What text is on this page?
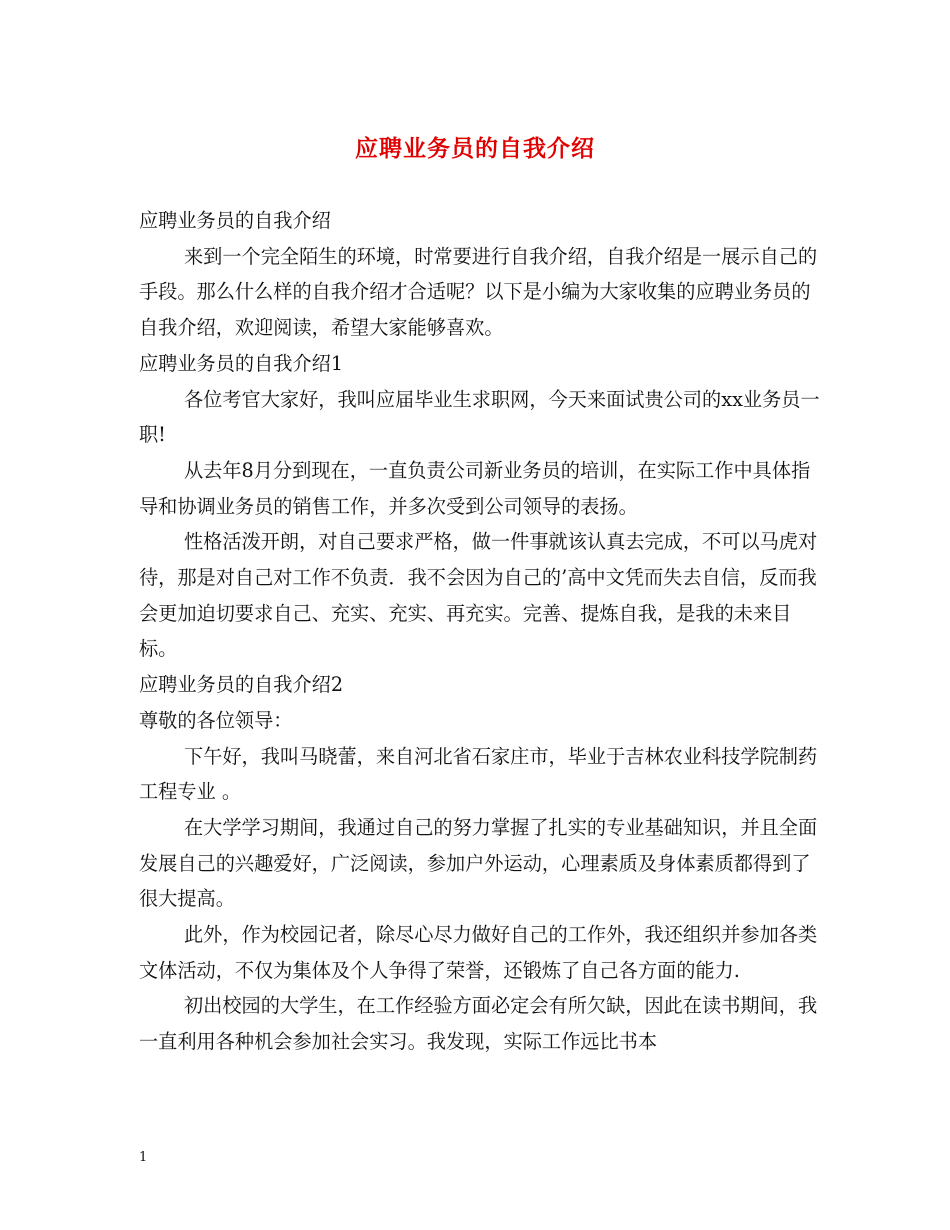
应聘业务员的自我介绍

应聘业务员的自我介绍

来到一个完全陌生的环境，时常要进行自我介绍，自我介绍是一展示自己的手段。那么什么样的自我介绍才合适呢？以下是小编为大家收集的应聘业务员的自我介绍，欢迎阅读，希望大家能够喜欢。

应聘业务员的自我介绍1

各位考官大家好，我叫应届毕业生求职网，今天来面试贵公司的xx业务员一职!

从去年8月分到现在，一直负责公司新业务员的培训，在实际工作中具体指导和协调业务员的销售工作，并多次受到公司领导的表扬。

性格活泼开朗，对自己要求严格，做一件事就该认真去完成，不可以马虎对待，那是对自己对工作不负责．我不会因为自己的’高中文凭而失去自信，反而我会更加迫切要求自己、充实、充实、再充实。完善、提炼自我，是我的未来目标。

应聘业务员的自我介绍2

尊敬的各位领导：

下午好，我叫马晓蕾，来自河北省石家庄市，毕业于吉林农业科技学院制药工程专业 。

在大学学习期间，我通过自己的努力掌握了扎实的专业基础知识，并且全面发展自己的兴趣爱好，广泛阅读，参加户外运动，心理素质及身体素质都得到了很大提高。

此外，作为校园记者，除尽心尽力做好自己的工作外，我还组织并参加各类文体活动，不仅为集体及个人争得了荣誉，还锻炼了自己各方面的能力.

初出校园的大学生，在工作经验方面必定会有所欠缺，因此在读书期间，我一直利用各种机会参加社会实习。我发现，实际工作远比书本

1
